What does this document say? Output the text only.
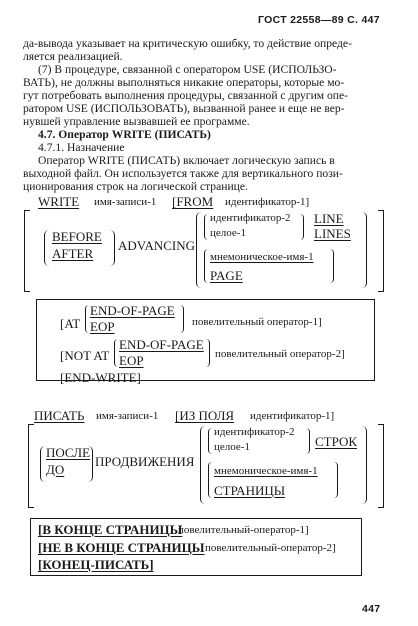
ГОСТ 22558—89 С. 447
да-вывода указывает на критическую ошибку, то действие опреде-
ляется реализацией.
(7) В процедуре, связанной с оператором USE (ИСПОЛЬЗО-
ВАТЬ), не должны выполняться никакие операторы, которые мо-
гут потребовать выполнения процедуры, связанной с другим опе-
ратором USE (ИСПОЛЬЗОВАТЬ), вызванной ранее и еще не вер-
нувшей управление вызвавшей ее программе.
4.7. Оператор WRITE (ПИСАТЬ)
4.7.1. Назначение
Оператор WRITE (ПИСАТЬ) включает логическую запись в
выходной файл. Он используется также для вертикального пози-
ционирования строк на логической странице.
WRITE имя-записи-1 [FROM идентификатор-1]
BEFORE
AFTER
ADVANCING
идентификатор-2
целое-1
LINE
LINES
мнемоническое-имя-1
PAGE
[AT
END-OF-PAGE
EOP	повелительный оператор-1]
[NOT AT
END-OF-PAGE
EOP	повелительный оператор-2]
[END-WRITE]
ПИСАТЬ имя-записи-1 [ИЗ ПОЛЯ идентификатор-1]
ПОСЛЕ
ДО
ПРОДВИЖЕНИЯ
идентификатор-2
целое-1	СТРОК
мнемоническое-имя-1
СТРАНИЦЫ
[В КОНЦЕ СТРАНИЦЫ
повелительный-оператор-1]
[НЕ В КОНЦЕ СТРАНИЦЫ повелительный-оператор-2]
[КОНЕЦ-ПИСАТЬ]
447
